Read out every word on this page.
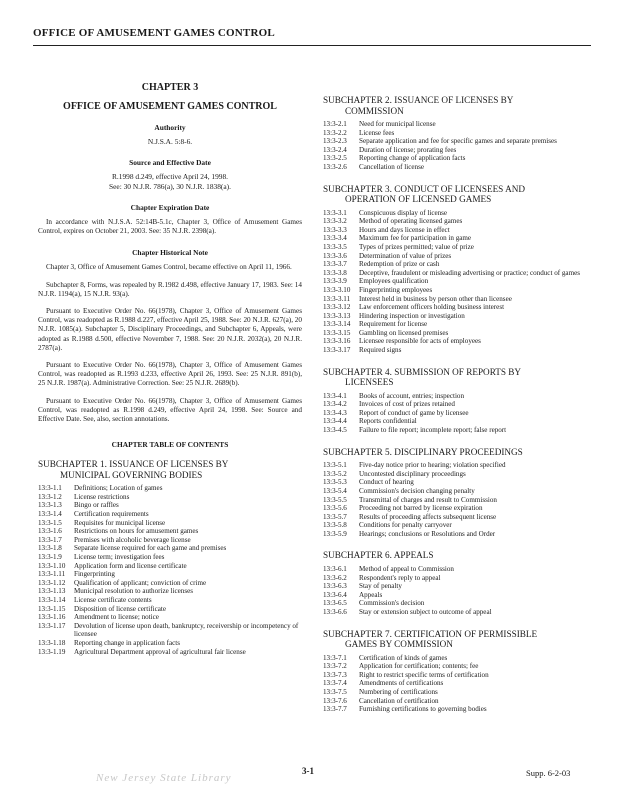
OFFICE OF AMUSEMENT GAMES CONTROL
CHAPTER 3
OFFICE OF AMUSEMENT GAMES CONTROL
Authority
N.J.S.A. 5:8-6.
Source and Effective Date
R.1998 d.249, effective April 24, 1998.
See: 30 N.J.R. 786(a), 30 N.J.R. 1838(a).
Chapter Expiration Date
In accordance with N.J.S.A. 52:14B-5.1c, Chapter 3, Office of Amusement Games Control, expires on October 21, 2003. See: 35 N.J.R. 2398(a).
Chapter Historical Note
Chapter 3, Office of Amusement Games Control, became effective on April 11, 1966.
Subchapter 8, Forms, was repealed by R.1982 d.498, effective January 17, 1983. See: 14 N.J.R. 1194(a), 15 N.J.R. 93(a).
Pursuant to Executive Order No. 66(1978), Chapter 3, Office of Amusement Games Control, was readopted as R.1988 d.227, effective April 25, 1988. See: 20 N.J.R. 627(a), 20 N.J.R. 1085(a). Subchapter 5, Disciplinary Proceedings, and Subchapter 6, Appeals, were adopted as R.1988 d.500, effective November 7, 1988. See: 20 N.J.R. 2032(a), 20 N.J.R. 2787(a).
Pursuant to Executive Order No. 66(1978), Chapter 3, Office of Amusement Games Control, was readopted as R.1993 d.233, effective April 26, 1993. See: 25 N.J.R. 891(b), 25 N.J.R. 1987(a). Administrative Correction. See: 25 N.J.R. 2689(b).
Pursuant to Executive Order No. 66(1978), Chapter 3, Office of Amusement Games Control, was readopted as R.1998 d.249, effective April 24, 1998. See: Source and Effective Date. See, also, section annotations.
CHAPTER TABLE OF CONTENTS
SUBCHAPTER 1. ISSUANCE OF LICENSES BY
MUNICIPAL GOVERNING BODIES
13:3-1.1	Definitions; Location of games
13:3-1.2	License restrictions
13:3-1.3	Bingo or raffles
13:3-1.4	Certification requirements
13:3-1.5	Requisites for municipal license
13:3-1.6	Restrictions on hours for amusement games
13:3-1.7	Premises with alcoholic beverage license
13:3-1.8	Separate license required for each game and premises
13:3-1.9	License term; investigation fees
13:3-1.10	Application form and license certificate
13:3-1.11	Fingerprinting
13:3-1.12	Qualification of applicant; conviction of crime
13:3-1.13	Municipal resolution to authorize licenses
13:3-1.14	License certificate contents
13:3-1.15	Disposition of license certificate
13:3-1.16	Amendment to license; notice
13:3-1.17	Devolution of license upon death, bankruptcy, receivership or incompetency of licensee
13:3-1.18	Reporting change in application facts
13:3-1.19	Agricultural Department approval of agricultural fair license
SUBCHAPTER 2. ISSUANCE OF LICENSES BY
COMMISSION
13:3-2.1	Need for municipal license
13:3-2.2	License fees
13:3-2.3	Separate application and fee for specific games and separate premises
13:3-2.4	Duration of license; prorating fees
13:3-2.5	Reporting change of application facts
13:3-2.6	Cancellation of license
SUBCHAPTER 3. CONDUCT OF LICENSEES AND
OPERATION OF LICENSED GAMES
13:3-3.1	Conspicuous display of license
13:3-3.2	Method of operating licensed games
13:3-3.3	Hours and days license in effect
13:3-3.4	Maximum fee for participation in game
13:3-3.5	Types of prizes permitted; value of prize
13:3-3.6	Determination of value of prizes
13:3-3.7	Redemption of prize or cash
13:3-3.8	Deceptive, fraudulent or misleading advertising or practice; conduct of games
13:3-3.9	Employees qualification
13:3-3.10	Fingerprinting employees
13:3-3.11	Interest held in business by person other than licensee
13:3-3.12	Law enforcement officers holding business interest
13:3-3.13	Hindering inspection or investigation
13:3-3.14	Requirement for license
13:3-3.15	Gambling on licensed premises
13:3-3.16	Licensee responsible for acts of employees
13:3-3.17	Required signs
SUBCHAPTER 4. SUBMISSION OF REPORTS BY
LICENSEES
13:3-4.1	Books of account, entries; inspection
13:3-4.2	Invoices of cost of prizes retained
13:3-4.3	Report of conduct of game by licensee
13:3-4.4	Reports confidential
13:3-4.5	Failure to file report; incomplete report; false report
SUBCHAPTER 5. DISCIPLINARY PROCEEDINGS
13:3-5.1	Five-day notice prior to hearing; violation specified
13:3-5.2	Uncontested disciplinary proceedings
13:3-5.3	Conduct of hearing
13:3-5.4	Commission's decision changing penalty
13:3-5.5	Transmittal of charges and result to Commission
13:3-5.6	Proceeding not barred by license expiration
13:3-5.7	Results of proceeding affects subsequent license
13:3-5.8	Conditions for penalty carryover
13:3-5.9	Hearings; conclusions or Resolutions and Order
SUBCHAPTER 6. APPEALS
13:3-6.1	Method of appeal to Commission
13:3-6.2	Respondent's reply to appeal
13:3-6.3	Stay of penalty
13:3-6.4	Appeals
13:3-6.5	Commission's decision
13:3-6.6	Stay or extension subject to outcome of appeal
SUBCHAPTER 7. CERTIFICATION OF PERMISSIBLE
GAMES BY COMMISSION
13:3-7.1	Certification of kinds of games
13:3-7.2	Application for certification; contents; fee
13:3-7.3	Right to restrict specific terms of certification
13:3-7.4	Amendments of certifications
13:3-7.5	Numbering of certifications
13:3-7.6	Cancellation of certification
13:3-7.7	Furnishing certifications to governing bodies
3-1	Supp. 6-2-03
New Jersey State Library
